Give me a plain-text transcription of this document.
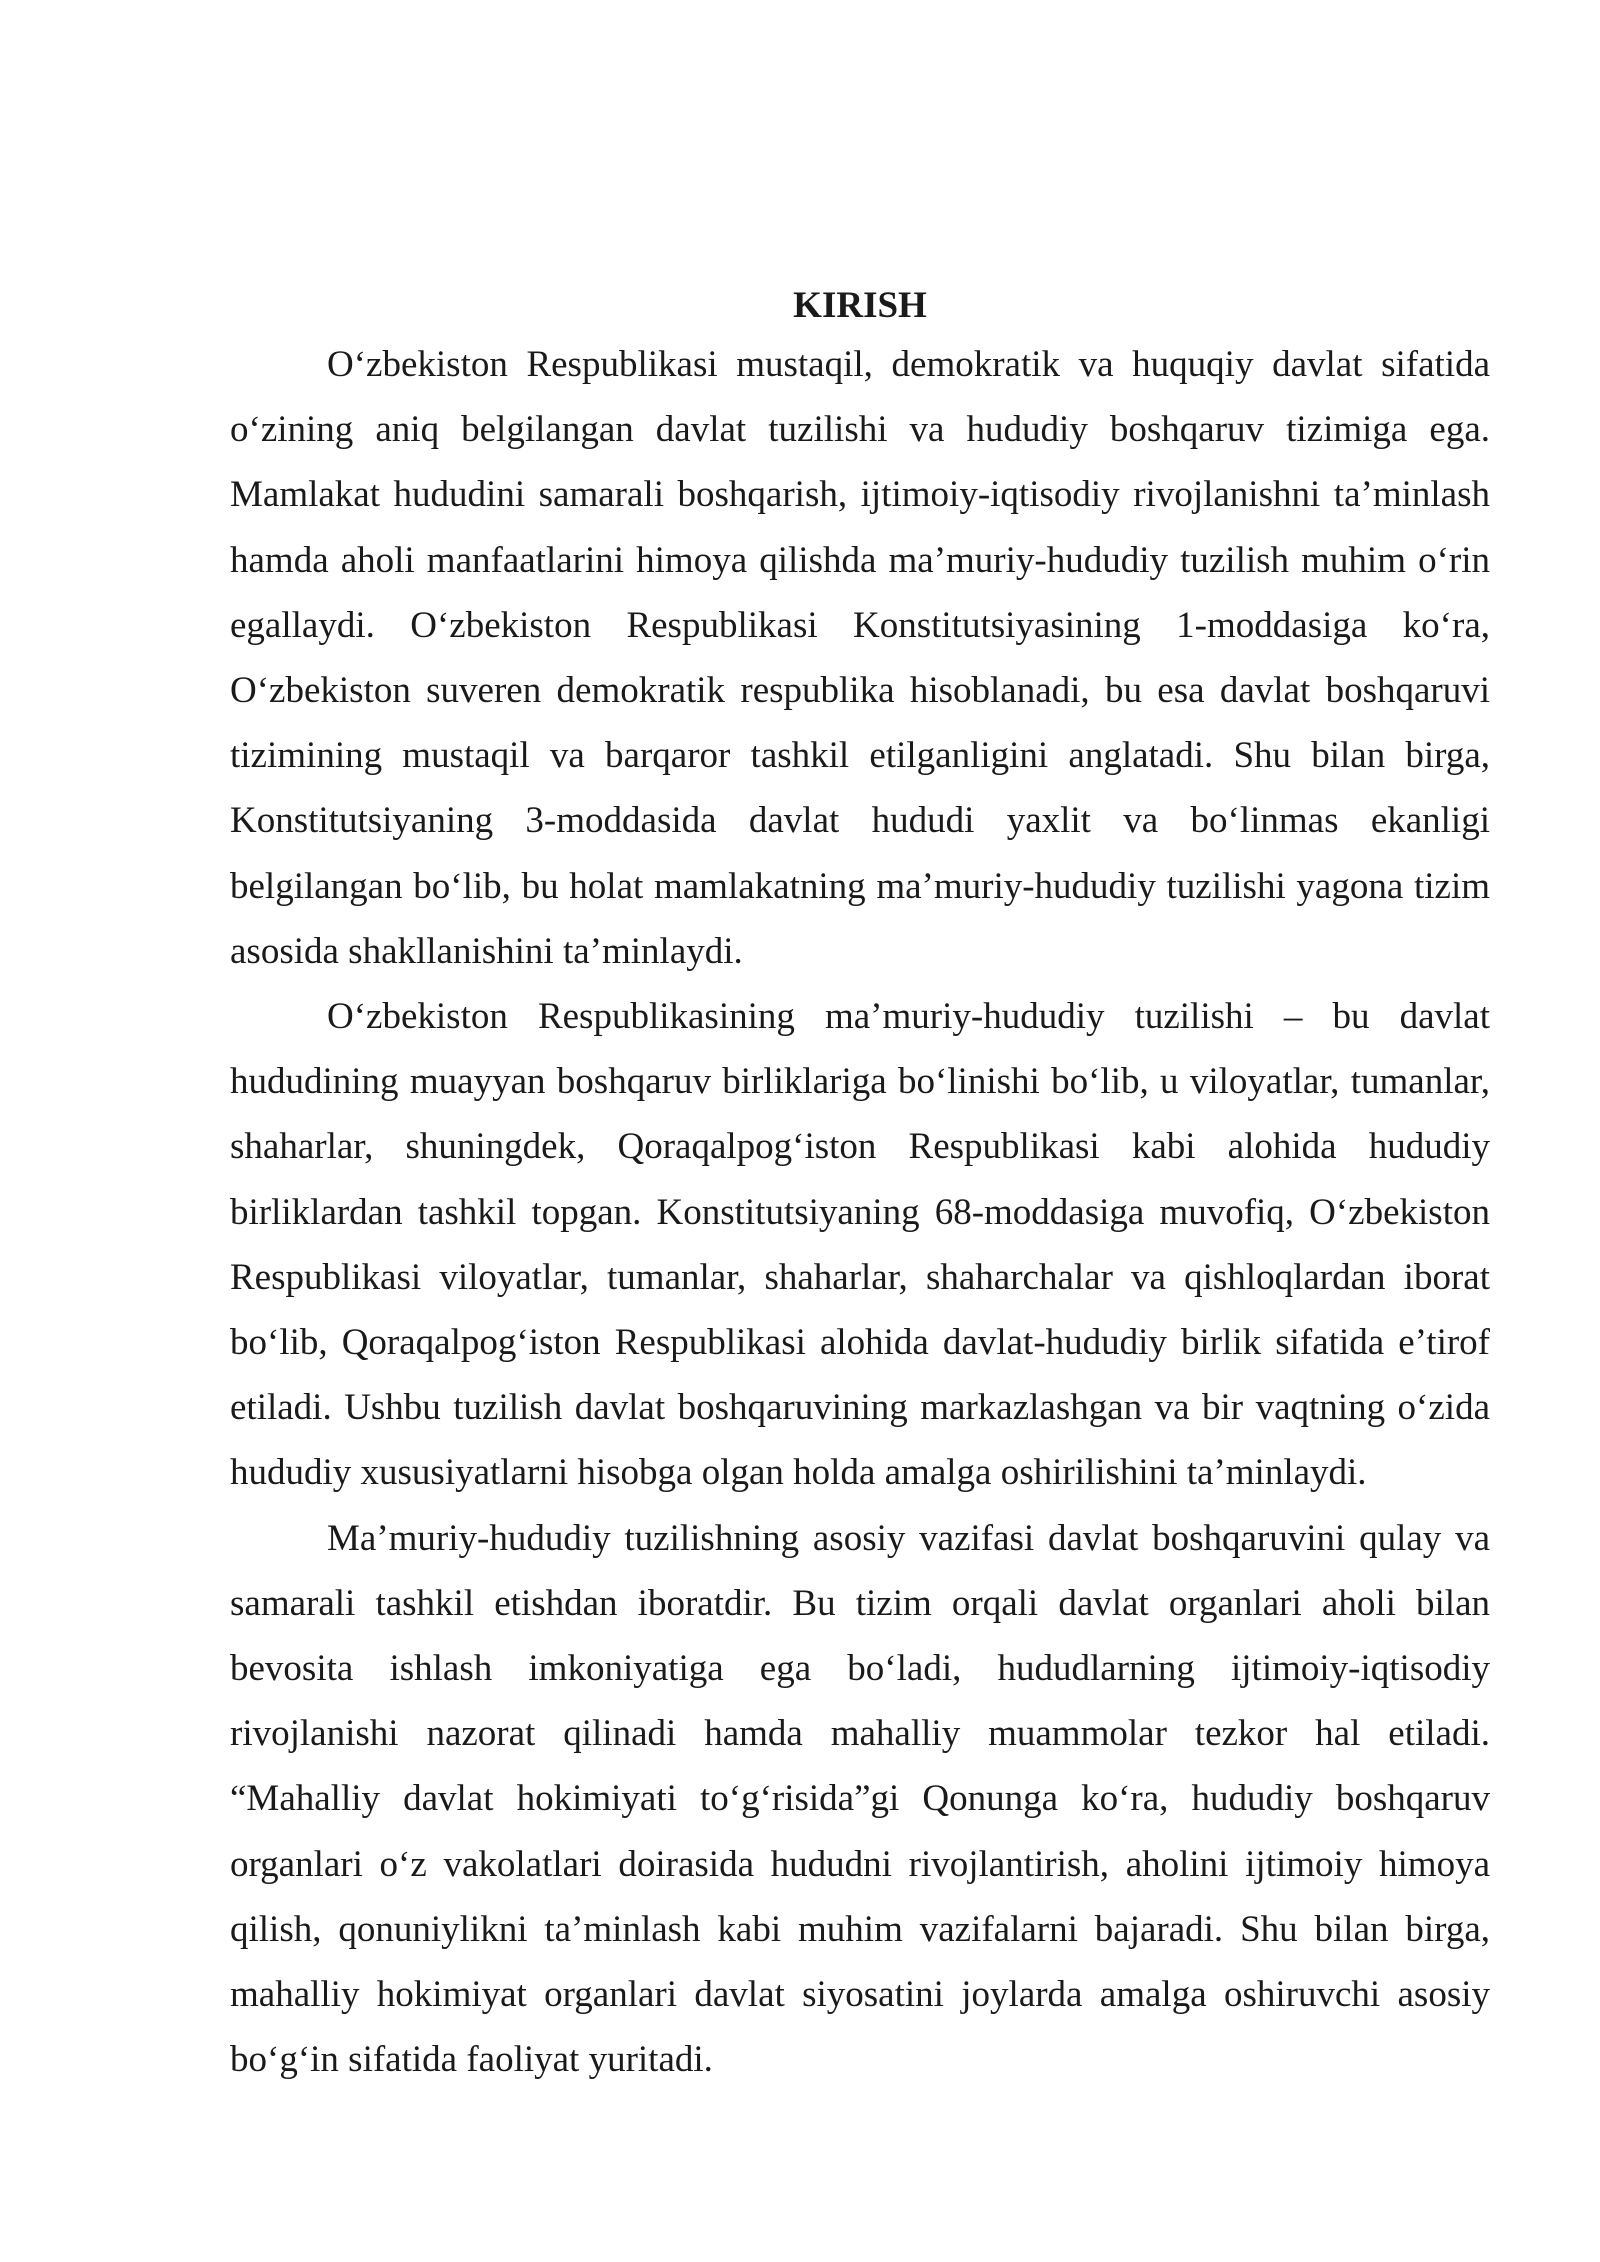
KIRISH

O‘zbekiston Respublikasi mustaqil, demokratik va huquqiy davlat sifatida o‘zining aniq belgilangan davlat tuzilishi va hududiy boshqaruv tizimiga ega. Mamlakat hududini samarali boshqarish, ijtimoiy-iqtisodiy rivojlanishni ta’minlash hamda aholi manfaatlarini himoya qilishda ma’muriy-hududiy tuzilish muhim o‘rin egallaydi. O‘zbekiston Respublikasi Konstitutsiyasining 1-moddasiga ko‘ra, O‘zbekiston suveren demokratik respublika hisoblanadi, bu esa davlat boshqaruvi tizimining mustaqil va barqaror tashkil etilganligini anglatadi. Shu bilan birga, Konstitutsiyaning 3-moddasida davlat hududi yaxlit va bo‘linmas ekanligi belgilangan bo‘lib, bu holat mamlakatning ma’muriy-hududiy tuzilishi yagona tizim asosida shakllanishini ta’minlaydi.

O‘zbekiston Respublikasining ma’muriy-hududiy tuzilishi – bu davlat hududining muayyan boshqaruv birliklariga bo‘linishi bo‘lib, u viloyatlar, tumanlar, shaharlar, shuningdek, Qoraqalpog‘iston Respublikasi kabi alohida hududiy birliklardan tashkil topgan. Konstitutsiyaning 68-moddasiga muvofiq, O‘zbekiston Respublikasi viloyatlar, tumanlar, shaharlar, shaharchalar va qishloqlardan iborat bo‘lib, Qoraqalpog‘iston Respublikasi alohida davlat-hududiy birlik sifatida e’tirof etiladi. Ushbu tuzilish davlat boshqaruvining markazlashgan va bir vaqtning o‘zida hududiy xususiyatlarni hisobga olgan holda amalga oshirilishini ta’minlaydi.

Ma’muriy-hududiy tuzilishning asosiy vazifasi davlat boshqaruvini qulay va samarali tashkil etishdan iboratdir. Bu tizim orqali davlat organlari aholi bilan bevosita ishlash imkoniyatiga ega bo‘ladi, hududlarning ijtimoiy-iqtisodiy rivojlanishi nazorat qilinadi hamda mahalliy muammolar tezkor hal etiladi. “Mahalliy davlat hokimiyati to‘g‘risida”gi Qonunga ko‘ra, hududiy boshqaruv organlari o‘z vakolatlari doirasida hududni rivojlantirish, aholini ijtimoiy himoya qilish, qonuniylikni ta’minlash kabi muhim vazifalarni bajaradi. Shu bilan birga, mahalliy hokimiyat organlari davlat siyosatini joylarda amalga oshiruvchi asosiy bo‘g‘in sifatida faoliyat yuritadi.
